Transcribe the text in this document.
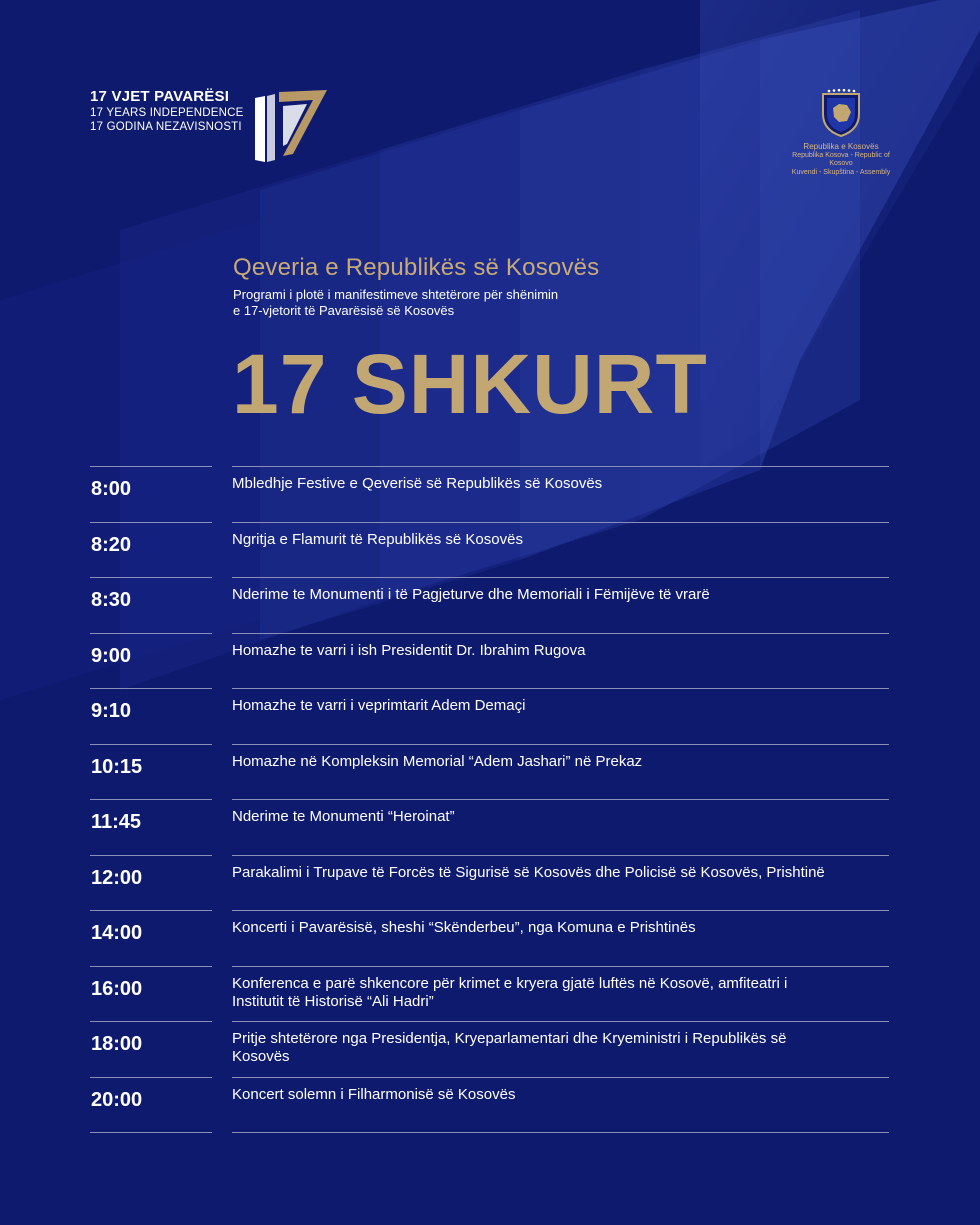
17 VJET PAVARËSI
17 YEARS INDEPENDENCE
17 GODINA NEZAVISNOSTI
Republika e Kosovës
Republika Kosova - Republic of Kosovo
Kuvendi - Skupština - Assembly
Qeveria e Republikës së Kosovës
Programi i plotë i manifestimeve shtetërore për shënimin
e 17-vjetorit të Pavarësisë së Kosovës
17 SHKURT
8:00	Mbledhje Festive e Qeverisë së Republikës së Kosovës
8:20	Ngritja e Flamurit të Republikës së Kosovës
8:30	Nderime te Monumenti i të Pagjeturve dhe Memoriali i Fëmijëve të vrarë
9:00	Homazhe te varri i ish Presidentit Dr. Ibrahim Rugova
9:10	Homazhe te varri i veprimtarit Adem Demaçi
10:15	Homazhe në Kompleksin Memorial “Adem Jashari” në Prekaz
11:45	Nderime te Monumenti “Heroinat”
12:00	Parakalimi i Trupave të Forcës të Sigurisë së Kosovës dhe Policisë së Kosovës, Prishtinë
14:00	Koncerti i Pavarësisë, sheshi “Skënderbeu”, nga Komuna e Prishtinës
16:00	Konferenca e parë shkencore për krimet e kryera gjatë luftës në Kosovë, amfiteatri i Institutit të Historisë “Ali Hadri”
18:00	Pritje shtetërore nga Presidentja, Kryeparlamentari dhe Kryeministri i Republikës së Kosovës
20:00	Koncert solemn i Filharmonisë së Kosovës
